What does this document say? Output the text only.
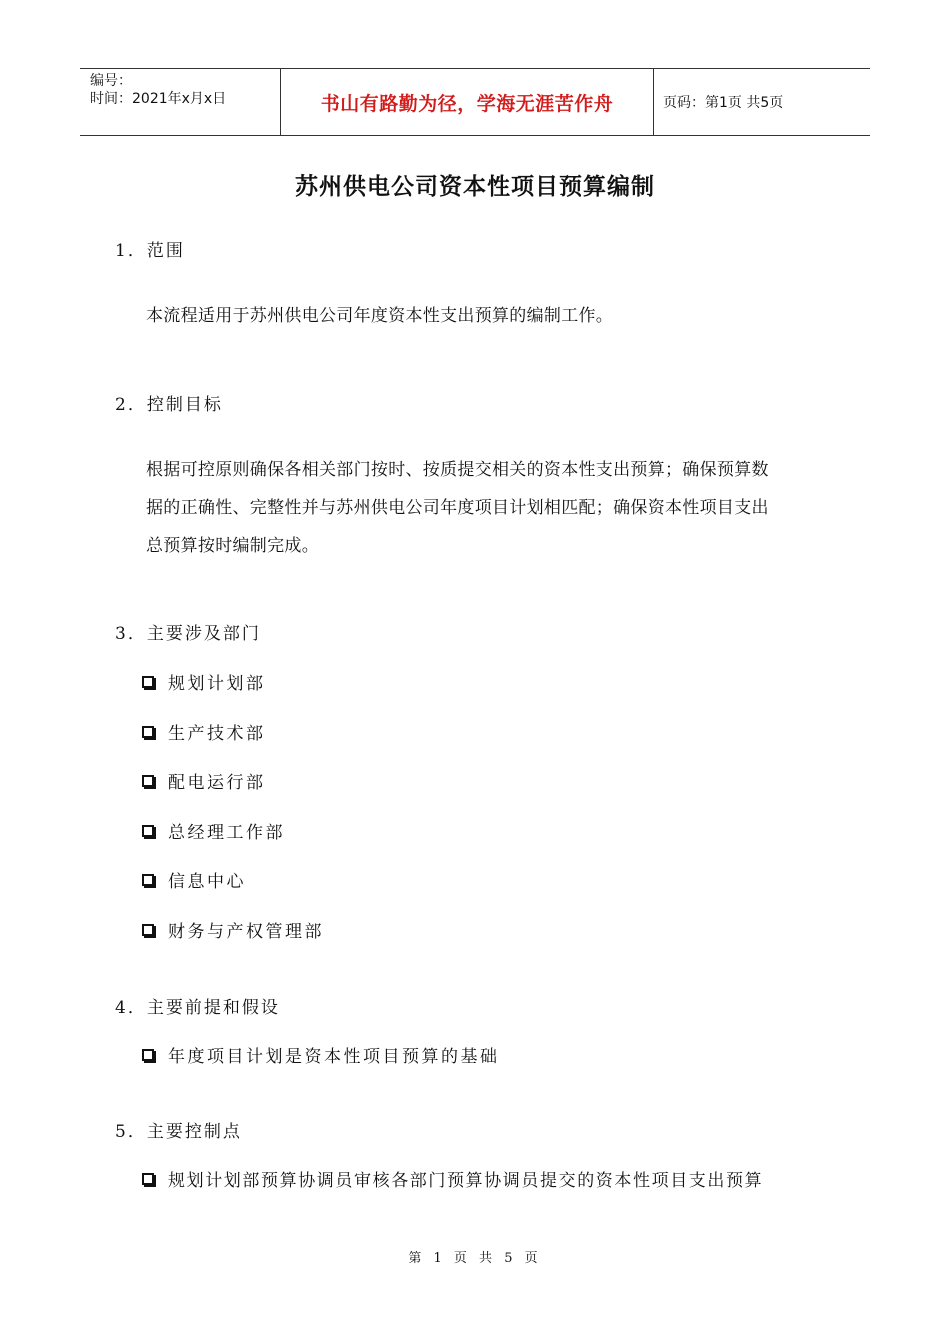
编号：
时间：2021年x月x日	书山有路勤为径，学海无涯苦作舟	页码：第1页 共5页
苏州供电公司资本性项目预算编制
1．范围
本流程适用于苏州供电公司年度资本性支出预算的编制工作。
2．控制目标
根据可控原则确保各相关部门按时、按质提交相关的资本性支出预算；确保预算数
据的正确性、完整性并与苏州供电公司年度项目计划相匹配；确保资本性项目支出
总预算按时编制完成。
3．主要涉及部门
规划计划部
生产技术部
配电运行部
总经理工作部
信息中心
财务与产权管理部
4．主要前提和假设
年度项目计划是资本性项目预算的基础
5．主要控制点
规划计划部预算协调员审核各部门预算协调员提交的资本性项目支出预算
第 1 页 共 5 页
